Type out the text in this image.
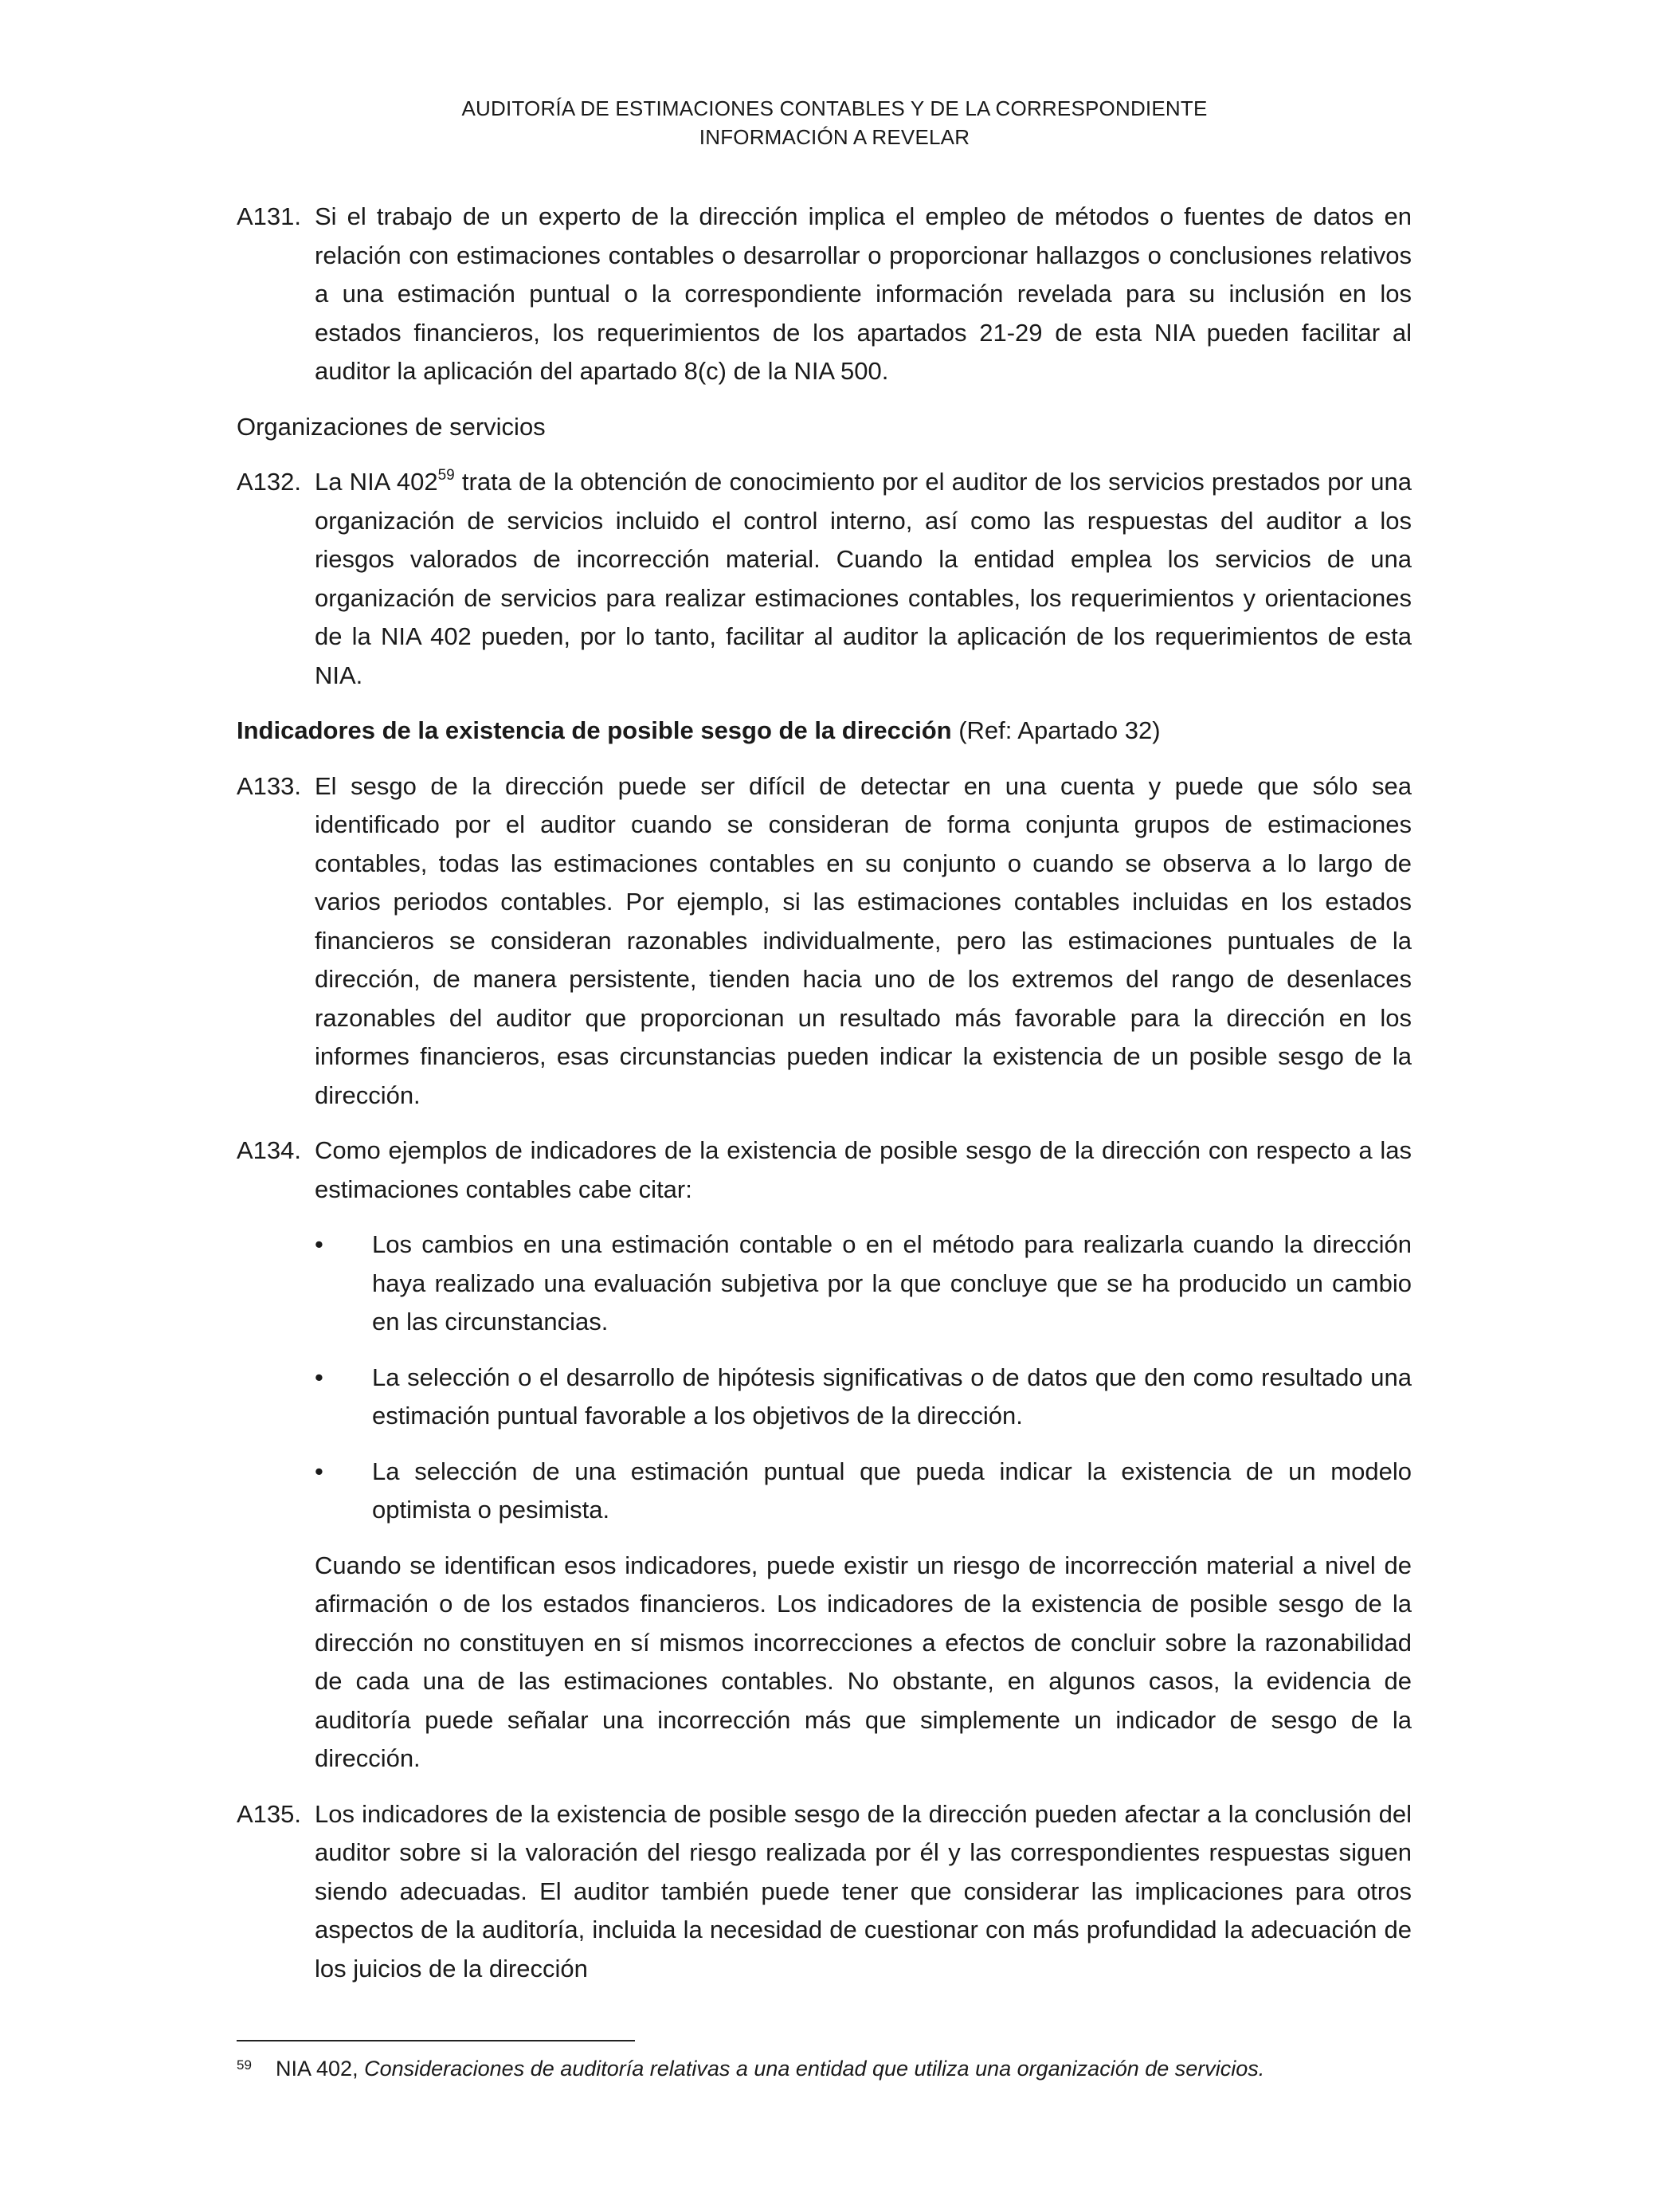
AUDITORÍA DE ESTIMACIONES CONTABLES Y DE LA CORRESPONDIENTE
INFORMACIÓN A REVELAR
A131. Si el trabajo de un experto de la dirección implica el empleo de métodos o fuentes de datos en relación con estimaciones contables o desarrollar o proporcionar hallazgos o conclusiones relativos a una estimación puntual o la correspondiente información revelada para su inclusión en los estados financieros, los requerimientos de los apartados 21-29 de esta NIA pueden facilitar al auditor la aplicación del apartado 8(c) de la NIA 500.
Organizaciones de servicios
A132. La NIA $402^{59}$ trata de la obtención de conocimiento por el auditor de los servicios prestados por una organización de servicios incluido el control interno, así como las respuestas del auditor a los riesgos valorados de incorrección material. Cuando la entidad emplea los servicios de una organización de servicios para realizar estimaciones contables, los requerimientos y orientaciones de la NIA 402 pueden, por lo tanto, facilitar al auditor la aplicación de los requerimientos de esta NIA.
Indicadores de la existencia de posible sesgo de la dirección (Ref: Apartado 32)
A133. El sesgo de la dirección puede ser difícil de detectar en una cuenta y puede que sólo sea identificado por el auditor cuando se consideran de forma conjunta grupos de estimaciones contables, todas las estimaciones contables en su conjunto o cuando se observa a lo largo de varios periodos contables. Por ejemplo, si las estimaciones contables incluidas en los estados financieros se consideran razonables individualmente, pero las estimaciones puntuales de la dirección, de manera persistente, tienden hacia uno de los extremos del rango de desenlaces razonables del auditor que proporcionan un resultado más favorable para la dirección en los informes financieros, esas circunstancias pueden indicar la existencia de un posible sesgo de la dirección.
A134. Como ejemplos de indicadores de la existencia de posible sesgo de la dirección con respecto a las estimaciones contables cabe citar:
• Los cambios en una estimación contable o en el método para realizarla cuando la dirección haya realizado una evaluación subjetiva por la que concluye que se ha producido un cambio en las circunstancias.
• La selección o el desarrollo de hipótesis significativas o de datos que den como resultado una estimación puntual favorable a los objetivos de la dirección.
• La selección de una estimación puntual que pueda indicar la existencia de un modelo optimista o pesimista.
Cuando se identifican esos indicadores, puede existir un riesgo de incorrección material a nivel de afirmación o de los estados financieros. Los indicadores de la existencia de posible sesgo de la dirección no constituyen en sí mismos incorrecciones a efectos de concluir sobre la razonabilidad de cada una de las estimaciones contables. No obstante, en algunos casos, la evidencia de auditoría puede señalar una incorrección más que simplemente un indicador de sesgo de la dirección.
A135. Los indicadores de la existencia de posible sesgo de la dirección pueden afectar a la conclusión del auditor sobre si la valoración del riesgo realizada por él y las correspondientes respuestas siguen siendo adecuadas. El auditor también puede tener que considerar las implicaciones para otros aspectos de la auditoría, incluida la necesidad de cuestionar con más profundidad la adecuación de los juicios de la dirección
59 NIA 402, Consideraciones de auditoría relativas a una entidad que utiliza una organización de servicios.
